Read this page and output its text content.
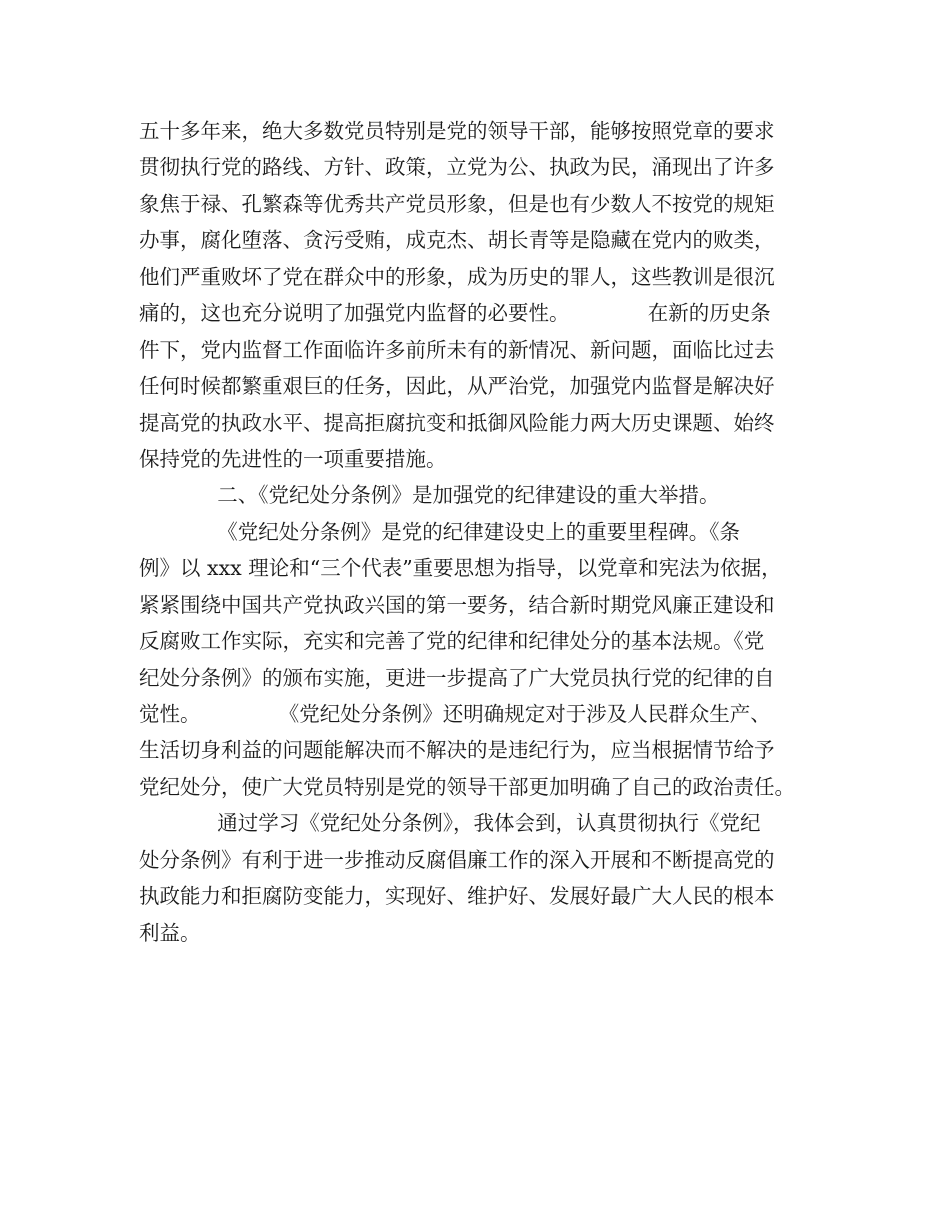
五十多年来，绝大多数党员特别是党的领导干部，能够按照党章的要求
贯彻执行党的路线、方针、政策，立党为公、执政为民，涌现出了许多
象焦于禄、孔繁森等优秀共产党员形象，但是也有少数人不按党的规矩
办事，腐化堕落、贪污受贿，成克杰、胡长青等是隐藏在党内的败类，
他们严重败坏了党在群众中的形象，成为历史的罪人，这些教训是很沉
痛的，这也充分说明了加强党内监督的必要性。            在新的历史条
件下，党内监督工作面临许多前所未有的新情况、新问题，面临比过去
任何时候都繁重艰巨的任务，因此，从严治党，加强党内监督是解决好
提高党的执政水平、提高拒腐抗变和抵御风险能力两大历史课题、始终
保持党的先进性的一项重要措施。
二、《党纪处分条例》是加强党的纪律建设的重大举措。
《党纪处分条例》是党的纪律建设史上的重要里程碑。《条
例》以 xxx 理论和“三个代表”重要思想为指导，以党章和宪法为依据，
紧紧围绕中国共产党执政兴国的第一要务，结合新时期党风廉正建设和
反腐败工作实际，充实和完善了党的纪律和纪律处分的基本法规。《党
纪处分条例》的颁布实施，更进一步提高了广大党员执行党的纪律的自
觉性。            《党纪处分条例》还明确规定对于涉及人民群众生产、
生活切身利益的问题能解决而不解决的是违纪行为，应当根据情节给予
党纪处分，使广大党员特别是党的领导干部更加明确了自己的政治责任。
通过学习《党纪处分条例》，我体会到，认真贯彻执行《党纪
处分条例》有利于进一步推动反腐倡廉工作的深入开展和不断提高党的
执政能力和拒腐防变能力，实现好、维护好、发展好最广大人民的根本
利益。
